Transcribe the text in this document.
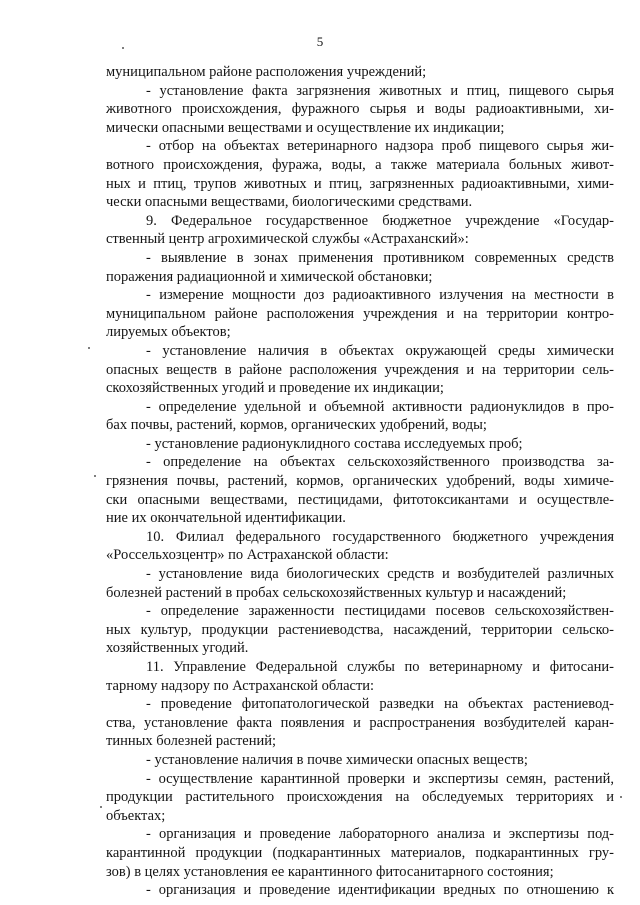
5
муниципальном районе расположения учреждений;
- установление факта загрязнения животных и птиц, пищевого сырья
животного происхождения, фуражного сырья и воды радиоактивными, хи-
мически опасными веществами и осуществление их индикации;
- отбор на объектах ветеринарного надзора проб пищевого сырья жи-
вотного происхождения, фуража, воды, а также материала больных живот-
ных и птиц, трупов животных и птиц, загрязненных радиоактивными, хими-
чески опасными веществами, биологическими средствами.
9. Федеральное государственное бюджетное учреждение «Государ-
ственный центр агрохимической службы «Астраханский»:
- выявление в зонах применения противником современных средств
поражения радиационной и химической обстановки;
- измерение мощности доз радиоактивного излучения на местности в
муниципальном районе расположения учреждения и на территории контро-
лируемых объектов;
- установление наличия в объектах окружающей среды химически
опасных веществ в районе расположения учреждения и на территории сель-
скохозяйственных угодий и проведение их индикации;
- определение удельной и объемной активности радионуклидов в про-
бах почвы, растений, кормов, органических удобрений, воды;
- установление радионуклидного состава исследуемых проб;
- определение на объектах сельскохозяйственного производства за-
грязнения почвы, растений, кормов, органических удобрений, воды химиче-
ски опасными веществами, пестицидами, фитотоксикантами и осуществле-
ние их окончательной идентификации.
10. Филиал федерального государственного бюджетного учреждения
«Россельхозцентр» по Астраханской области:
- установление вида биологических средств и возбудителей различных
болезней растений в пробах сельскохозяйственных культур и насаждений;
- определение зараженности пестицидами посевов сельскохозяйствен-
ных культур, продукции растениеводства, насаждений, территории сельско-
хозяйственных угодий.
11. Управление Федеральной службы по ветеринарному и фитосани-
тарному надзору по Астраханской области:
- проведение фитопатологической разведки на объектах растениевод-
ства, установление факта появления и распространения возбудителей каран-
тинных болезней растений;
- установление наличия в почве химически опасных веществ;
- осуществление карантинной проверки и экспертизы семян, растений,
продукции растительного происхождения на обследуемых территориях и
объектах;
- организация и проведение лабораторного анализа и экспертизы под-
карантинной продукции (подкарантинных материалов, подкарантинных гру-
зов) в целях установления ее карантинного фитосанитарного состояния;
- организация и проведение идентификации вредных по отношению к
